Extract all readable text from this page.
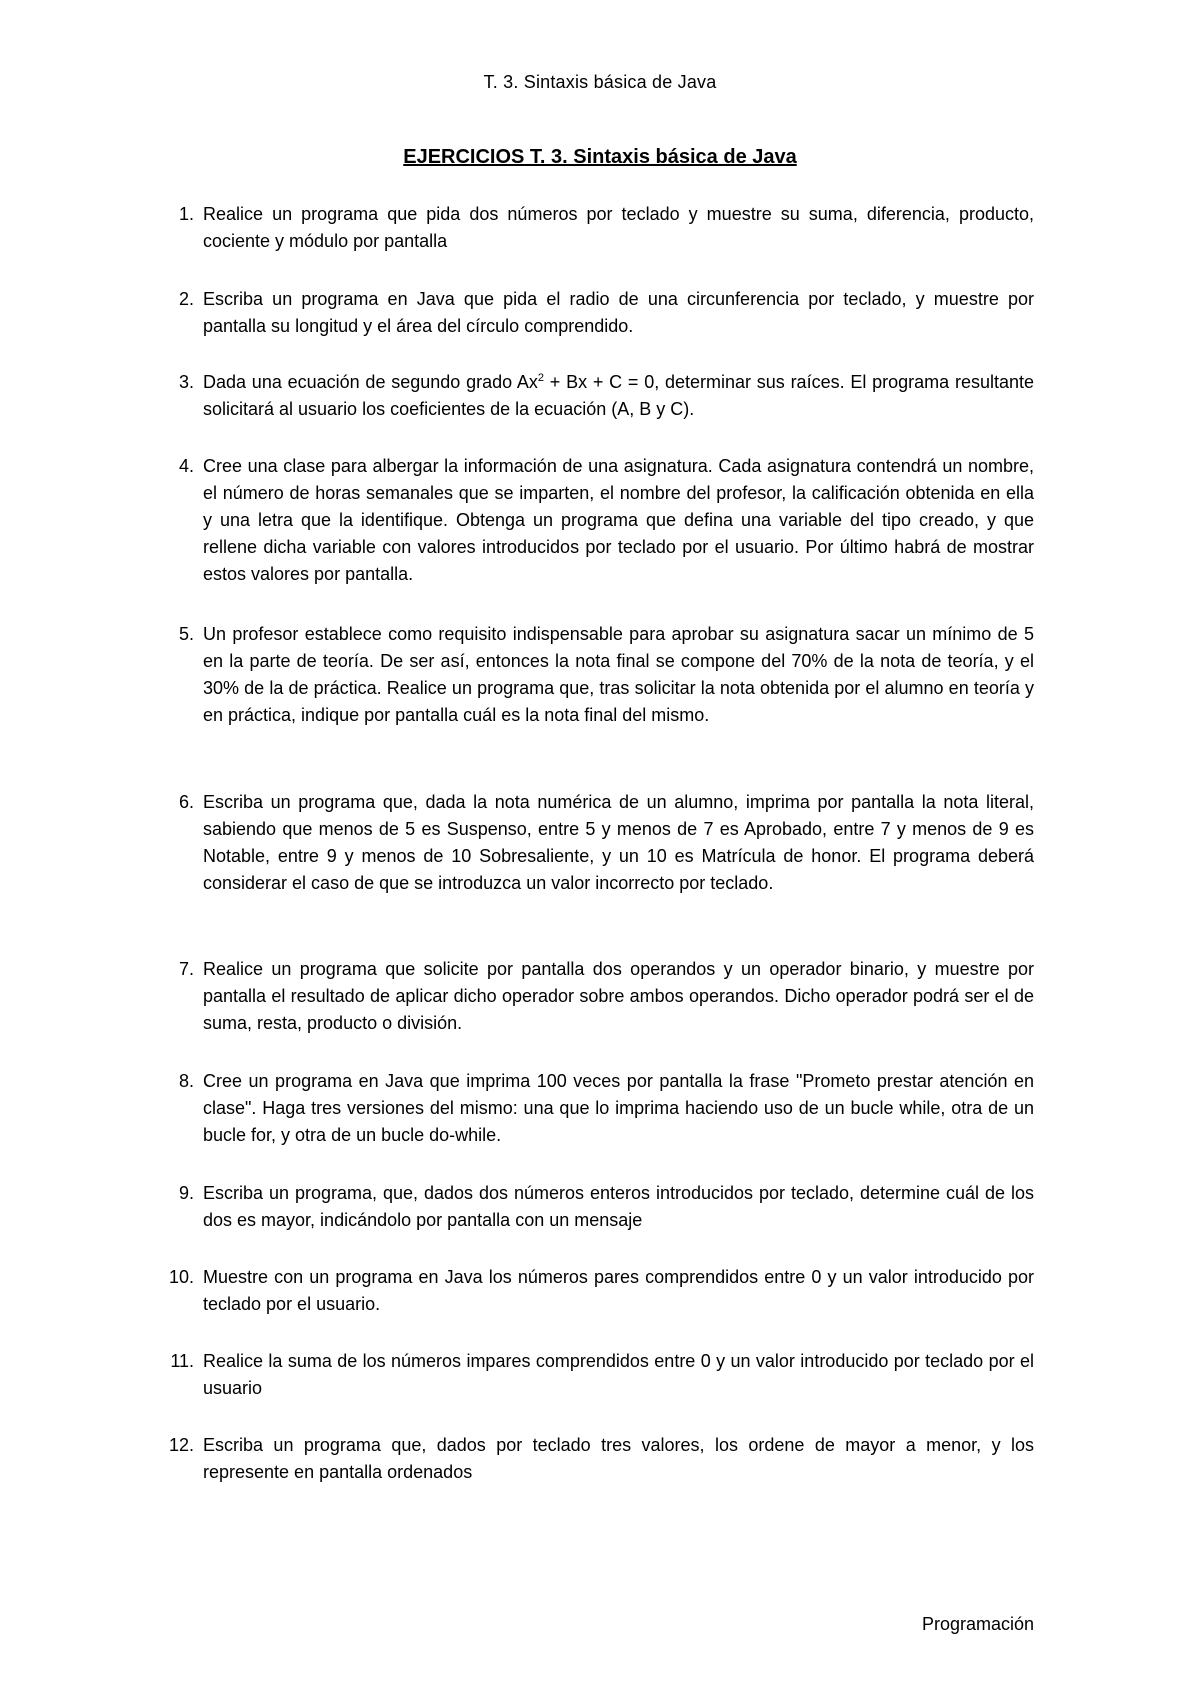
T. 3. Sintaxis básica de Java
EJERCICIOS T. 3. Sintaxis básica de Java
1. Realice un programa que pida dos números por teclado y muestre su suma, diferencia, producto, cociente y módulo por pantalla
2. Escriba un programa en Java que pida el radio de una circunferencia por teclado, y muestre por pantalla su longitud y el área del círculo comprendido.
3. Dada una ecuación de segundo grado $Ax^2 + Bx + C = 0$, determinar sus raíces. El programa resultante solicitará al usuario los coeficientes de la ecuación (A, B y C).
4. Cree una clase para albergar la información de una asignatura. Cada asignatura contendrá un nombre, el número de horas semanales que se imparten, el nombre del profesor, la calificación obtenida en ella y una letra que la identifique. Obtenga un programa que defina una variable del tipo creado, y que rellene dicha variable con valores introducidos por teclado por el usuario. Por último habrá de mostrar estos valores por pantalla.
5. Un profesor establece como requisito indispensable para aprobar su asignatura sacar un mínimo de 5 en la parte de teoría. De ser así, entonces la nota final se compone del 70% de la nota de teoría, y el 30% de la de práctica. Realice un programa que, tras solicitar la nota obtenida por el alumno en teoría y en práctica, indique por pantalla cuál es la nota final del mismo.
6. Escriba un programa que, dada la nota numérica de un alumno, imprima por pantalla la nota literal, sabiendo que menos de 5 es Suspenso, entre 5 y menos de 7 es Aprobado, entre 7 y menos de 9 es Notable, entre 9 y menos de 10 Sobresaliente, y un 10 es Matrícula de honor. El programa deberá considerar el caso de que se introduzca un valor incorrecto por teclado.
7. Realice un programa que solicite por pantalla dos operandos y un operador binario, y muestre por pantalla el resultado de aplicar dicho operador sobre ambos operandos. Dicho operador podrá ser el de suma, resta, producto o división.
8. Cree un programa en Java que imprima 100 veces por pantalla la frase "Prometo prestar atención en clase". Haga tres versiones del mismo: una que lo imprima haciendo uso de un bucle while, otra de un bucle for, y otra de un bucle do-while.
9. Escriba un programa, que, dados dos números enteros introducidos por teclado, determine cuál de los dos es mayor, indicándolo por pantalla con un mensaje
10. Muestre con un programa en Java los números pares comprendidos entre 0 y un valor introducido por teclado por el usuario.
11. Realice la suma de los números impares comprendidos entre 0 y un valor introducido por teclado por el usuario
12. Escriba un programa que, dados por teclado tres valores, los ordene de mayor a menor, y los represente en pantalla ordenados
Programación
